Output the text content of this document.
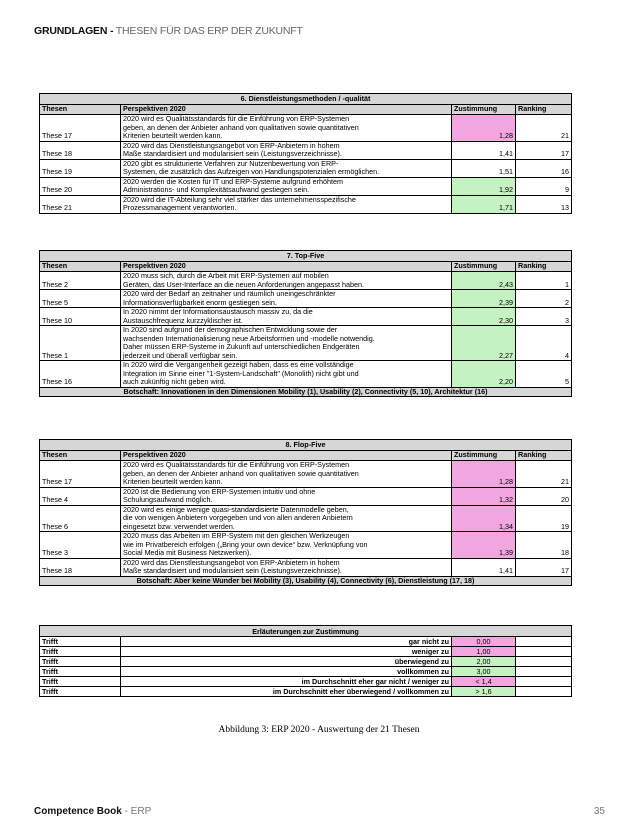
GRUNDLAGEN - THESEN FÜR DAS ERP DER ZUKUNFT
6. Dienstleistungsmethoden / -qualität			
Thesen	Perspektiven 2020	Zustimmung	Ranking
These 17	2020 wird es Qualitätsstandards für die Einführung von ERP-Systemen
geben, an denen der Anbieter anhand von qualitativen sowie quantitativen
Kriterien beurteilt werden kann.	1,28	21
These 18	2020 wird das Dienstleistungsangebot von ERP-Anbietern in hohem
Maße standardisiert und modularisiert sein (Leistungsverzeichnisse).	1,41	17
These 19	2020 gibt es strukturierte Verfahren zur Nutzenbewertung von ERP-
Systemen, die zusätzlich das Aufzeigen von Handlungspotenzialen ermöglichen.	1,51	16
These 20	2020 werden die Kosten für IT und ERP-Systeme aufgrund erhöhtem
Administrations- und Komplexitätsaufwand gestiegen sein.	1,92	9
These 21	2020 wird die IT-Abteilung sehr viel stärker das unternehmensspezifische
Prozessmanagement verantworten.	1,71	13
7. Top-Five			
Thesen	Perspektiven 2020	Zustimmung	Ranking
These 2	2020 muss sich, durch die Arbeit mit ERP-Systemen auf mobilen
Geräten, das User-Interface an die neuen Anforderungen angepasst haben.	2,43	1
These 5	2020 wird der Bedarf an zeitnaher und räumlich uneingeschränkter
Informationsverfügbarkeit enorm gestiegen sein.	2,39	2
These 10	In 2020 nimmt der Informationsaustausch massiv zu, da die
Austauschfrequenz kurzzyklischer ist.	2,30	3
These 1	In 2020 sind aufgrund der demographischen Entwicklung sowie der
wachsenden Internationalisierung neue Arbeitsformen und -modelle notwendig.
Daher müssen ERP-Systeme in Zukunft auf unterschiedlichen Endgeräten
jederzeit und überall verfügbar sein.	2,27	4
These 16	In 2020 wird die Vergangenheit gezeigt haben, dass es eine vollständige
Integration im Sinne einer "1-System-Landschaft" (Monolith) nicht gibt und
auch zukünftig nicht geben wird.	2,20	5
Botschaft: Innovationen in den Dimensionen Mobility (1), Usability (2), Connectivity (5, 10), Architektur (16)			
8. Flop-Five			
Thesen	Perspektiven 2020	Zustimmung	Ranking
These 17	2020 wird es Qualitätsstandards für die Einführung von ERP-Systemen
geben, an denen der Anbieter anhand von qualitativen sowie quantitativen
Kriterien beurteilt werden kann.	1,28	21
These 4	2020 ist die Bedienung von ERP-Systemen intuitiv und ohne
Schulungsaufwand möglich.	1,32	20
These 6	2020 wird es einige wenige quasi-standardisierte Datenmodelle geben,
die von wenigen Anbietern vorgegeben und von allen anderen Anbietern
eingesetzt bzw. verwendet werden.	1,34	19
These 3	2020 muss das Arbeiten im ERP-System mit den gleichen Werkzeugen
wie im Privatbereich erfolgen („Bring your own device“ bzw. Verknüpfung von
Social Media mit Business Netzwerken).	1,39	18
These 18	2020 wird das Dienstleistungsangebot von ERP-Anbietern in hohem
Maße standardisiert und modularisiert sein (Leistungsverzeichnisse).	1,41	17
Botschaft: Aber keine Wunder bei Mobility (3), Usability (4), Connectivity (6), Dienstleistung (17, 18)			
Erläuterungen zur Zustimmung			
Trifft	gar nicht zu	0,00	
Trifft	weniger zu	1,00	
Trifft	überwiegend zu	2,00	
Trifft	vollkommen zu	3,00	
Trifft	im Durchschnitt eher gar nicht / weniger zu	< 1,4	
Trifft	im Durchschnitt eher überwiegend / vollkommen zu	> 1,6	
Abbildung 3: ERP 2020 - Auswertung der 21 Thesen
Competence Book - ERP	35
